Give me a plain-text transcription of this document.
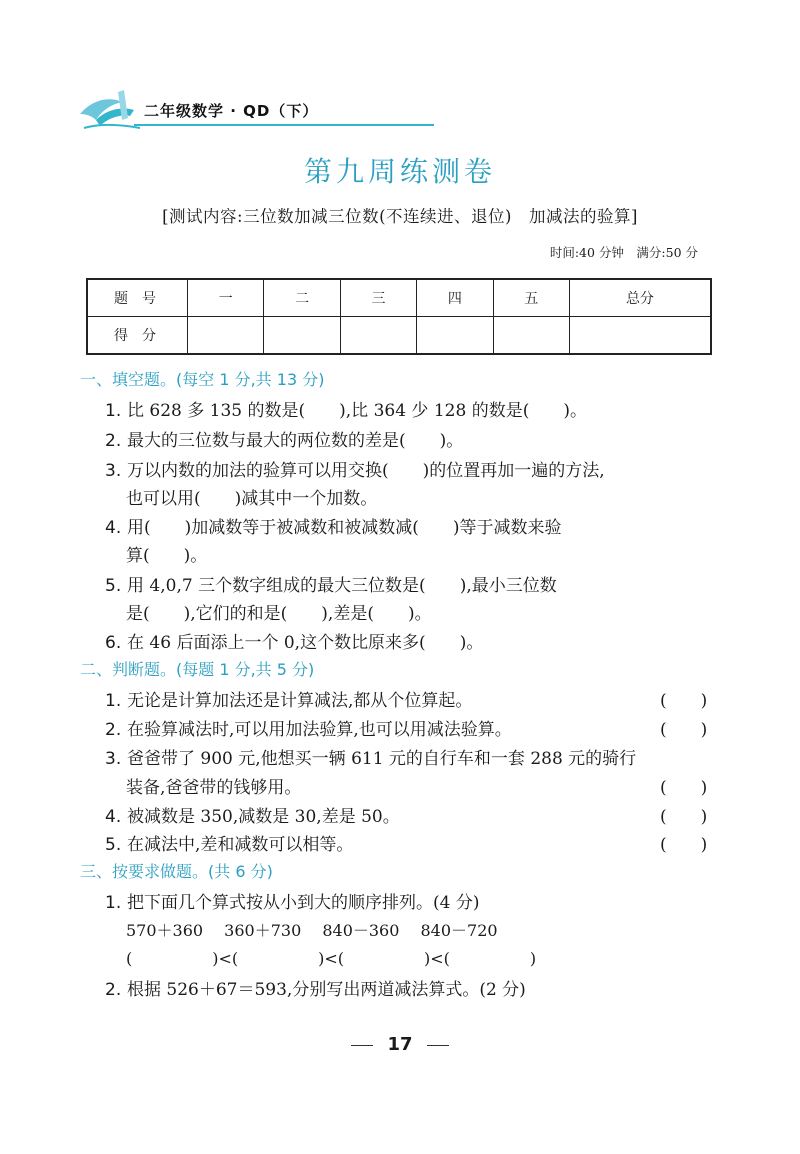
二年级数学 · QD（下）
第九周练测卷
[测试内容:三位数加减三位数(不连续进、退位)　加减法的验算]
时间:40 分钟　满分:50 分
题号	一	二	三	四	五	总分
得分						
一、填空题。(每空 1 分,共 13 分)
1. 比 628 多 135 的数是(　　),比 364 少 128 的数是(　　)。
2. 最大的三位数与最大的两位数的差是(　　)。
3. 万以内数的加法的验算可以用交换(　　)的位置再加一遍的方法,
也可以用(　　)减其中一个加数。
4. 用(　　)加减数等于被减数和被减数减(　　)等于减数来验
算(　　)。
5. 用 4,0,7 三个数字组成的最大三位数是(　　),最小三位数
是(　　),它们的和是(　　),差是(　　)。
6. 在 46 后面添上一个 0,这个数比原来多(　　)。
二、判断题。(每题 1 分,共 5 分)
1. 无论是计算加法还是计算减法,都从个位算起。	(　　)
2. 在验算减法时,可以用加法验算,也可以用减法验算。	(　　)
3. 爸爸带了 900 元,他想买一辆 611 元的自行车和一套 288 元的骑行
装备,爸爸带的钱够用。	(　　)
4. 被减数是 350,减数是 30,差是 50。	(　　)
5. 在减法中,差和减数可以相等。	(　　)
三、按要求做题。(共 6 分)
1. 把下面几个算式按从小到大的顺序排列。(4 分)
570＋360　 360＋730　 840－360　 840－720
(　　　　　)<(　　　　　)<(　　　　　)<(　　　　　)
2. 根据 526＋67＝593,分别写出两道减法算式。(2 分)
17
